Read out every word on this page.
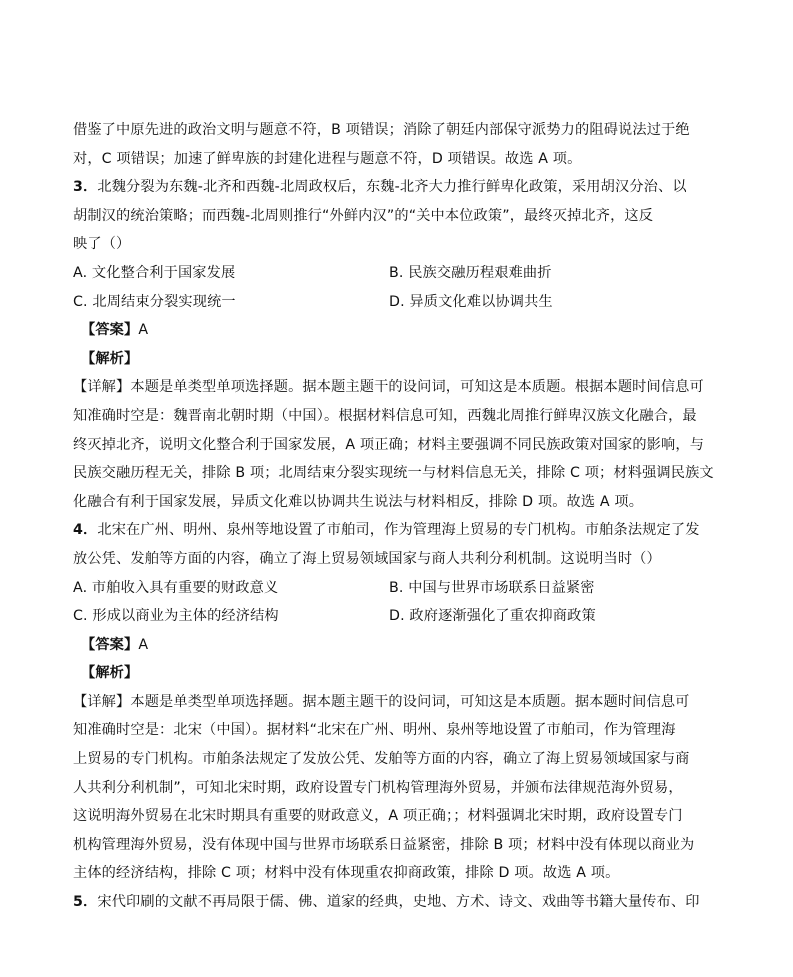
借鉴了中原先进的政治文明与题意不符，B 项错误；消除了朝廷内部保守派势力的阻碍说法过于绝
对，C 项错误；加速了鲜卑族的封建化进程与题意不符，D 项错误。故选 A 项。
3．北魏分裂为东魏-北齐和西魏-北周政权后，东魏-北齐大力推行鲜卑化政策，采用胡汉分治、以
胡制汉的统治策略；而西魏-北周则推行“外鲜内汉”的“关中本位政策”，最终灭掉北齐，这反
映了（）
A. 文化整合利于国家发展	B. 民族交融历程艰难曲折
C. 北周结束分裂实现统一	D. 异质文化难以协调共生
【答案】A
【解析】
【详解】本题是单类型单项选择题。据本题主题干的设问词，可知这是本质题。根据本题时间信息可
知准确时空是：魏晋南北朝时期（中国）。根据材料信息可知，西魏北周推行鲜卑汉族文化融合，最
终灭掉北齐，说明文化整合利于国家发展，A 项正确；材料主要强调不同民族政策对国家的影响，与
民族交融历程无关，排除 B 项；北周结束分裂实现统一与材料信息无关，排除 C 项；材料强调民族文
化融合有利于国家发展，异质文化难以协调共生说法与材料相反，排除 D 项。故选 A 项。
4．北宋在广州、明州、泉州等地设置了市舶司，作为管理海上贸易的专门机构。市舶条法规定了发
放公凭、发舶等方面的内容，确立了海上贸易领域国家与商人共利分利机制。这说明当时（）
A. 市舶收入具有重要的财政意义	B. 中国与世界市场联系日益紧密
C. 形成以商业为主体的经济结构	D. 政府逐渐强化了重农抑商政策
【答案】A
【解析】
【详解】本题是单类型单项选择题。据本题主题干的设问词，可知这是本质题。据本题时间信息可
知准确时空是：北宋（中国）。据材料“北宋在广州、明州、泉州等地设置了市舶司，作为管理海
上贸易的专门机构。市舶条法规定了发放公凭、发舶等方面的内容，确立了海上贸易领域国家与商
人共利分利机制”，可知北宋时期，政府设置专门机构管理海外贸易，并颁布法律规范海外贸易，
这说明海外贸易在北宋时期具有重要的财政意义，A 项正确；；材料强调北宋时期，政府设置专门
机构管理海外贸易，没有体现中国与世界市场联系日益紧密，排除 B 项；材料中没有体现以商业为
主体的经济结构，排除 C 项；材料中没有体现重农抑商政策，排除 D 项。故选 A 项。
5．宋代印刷的文献不再局限于儒、佛、道家的经典，史地、方术、诗文、戏曲等书籍大量传布、印
